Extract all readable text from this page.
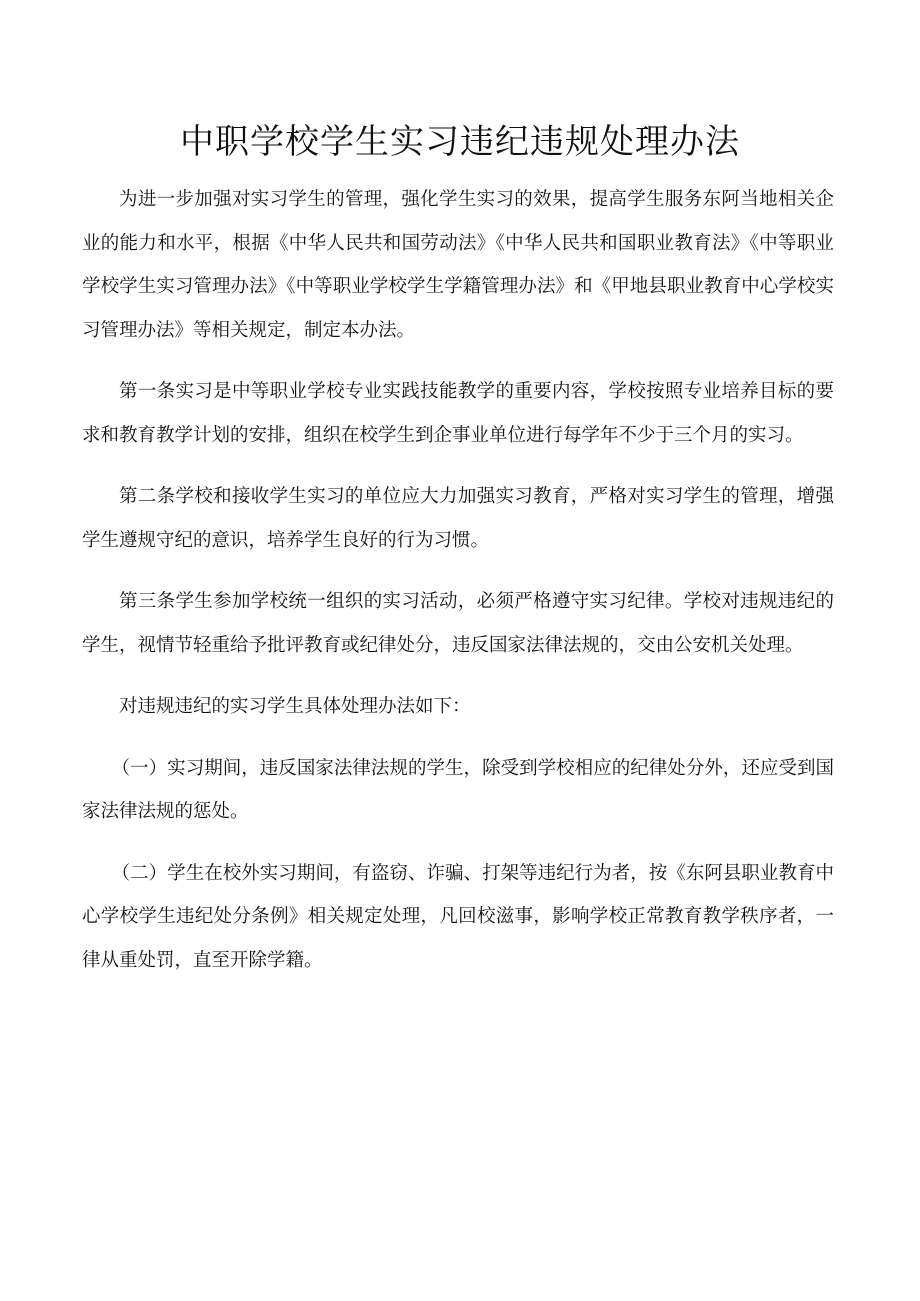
中职学校学生实习违纪违规处理办法

为进一步加强对实习学生的管理，强化学生实习的效果，提高学生服务东阿当地相关企业的能力和水平，根据《中华人民共和国劳动法》《中华人民共和国职业教育法》《中等职业学校学生实习管理办法》《中等职业学校学生学籍管理办法》和《甲地县职业教育中心学校实习管理办法》等相关规定，制定本办法。

第一条实习是中等职业学校专业实践技能教学的重要内容，学校按照专业培养目标的要求和教育教学计划的安排，组织在校学生到企事业单位进行每学年不少于三个月的实习。

第二条学校和接收学生实习的单位应大力加强实习教育，严格对实习学生的管理，增强学生遵规守纪的意识，培养学生良好的行为习惯。

第三条学生参加学校统一组织的实习活动，必须严格遵守实习纪律。学校对违规违纪的学生，视情节轻重给予批评教育或纪律处分，违反国家法律法规的，交由公安机关处理。

对违规违纪的实习学生具体处理办法如下：

（一）实习期间，违反国家法律法规的学生，除受到学校相应的纪律处分外，还应受到国家法律法规的惩处。

（二）学生在校外实习期间，有盗窃、诈骗、打架等违纪行为者，按《东阿县职业教育中心学校学生违纪处分条例》相关规定处理，凡回校滋事，影响学校正常教育教学秩序者，一律从重处罚，直至开除学籍。
